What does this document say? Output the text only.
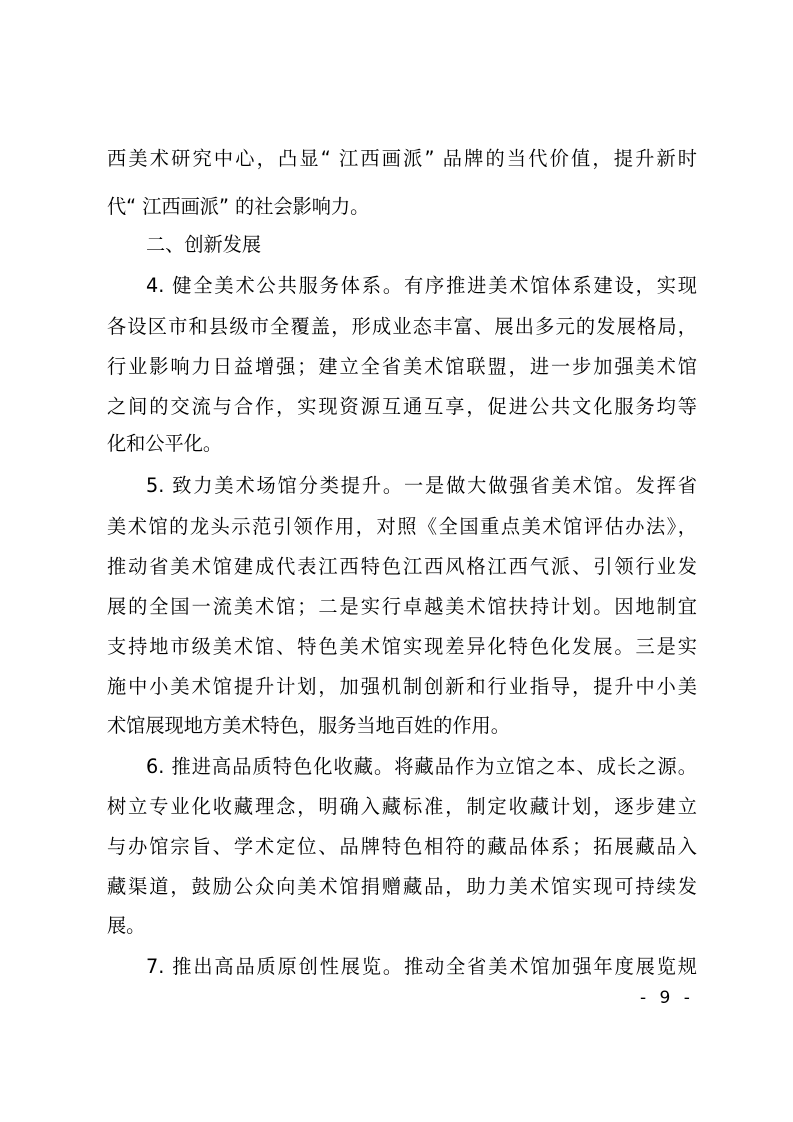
西美术研究中心，凸显“ 江西画派” 品牌的当代价值，提升新时
代“ 江西画派” 的社会影响力。
二、创新发展
4. 健全美术公共服务体系。有序推进美术馆体系建设，实现
各设区市和县级市全覆盖，形成业态丰富、展出多元的发展格局，
行业影响力日益增强；建立全省美术馆联盟，进一步加强美术馆
之间的交流与合作，实现资源互通互享，促进公共文化服务均等
化和公平化。
5. 致力美术场馆分类提升。一是做大做强省美术馆。发挥省
美术馆的龙头示范引领作用，对照《全国重点美术馆评估办法》，
推动省美术馆建成代表江西特色江西风格江西气派、引领行业发
展的全国一流美术馆；二是实行卓越美术馆扶持计划。因地制宜
支持地市级美术馆、特色美术馆实现差异化特色化发展。三是实
施中小美术馆提升计划，加强机制创新和行业指导，提升中小美
术馆展现地方美术特色，服务当地百姓的作用。
6. 推进高品质特色化收藏。将藏品作为立馆之本、成长之源。
树立专业化收藏理念，明确入藏标准，制定收藏计划，逐步建立
与办馆宗旨、学术定位、品牌特色相符的藏品体系；拓展藏品入
藏渠道，鼓励公众向美术馆捐赠藏品，助力美术馆实现可持续发
展。
7. 推出高品质原创性展览。推动全省美术馆加强年度展览规
- 9 -
